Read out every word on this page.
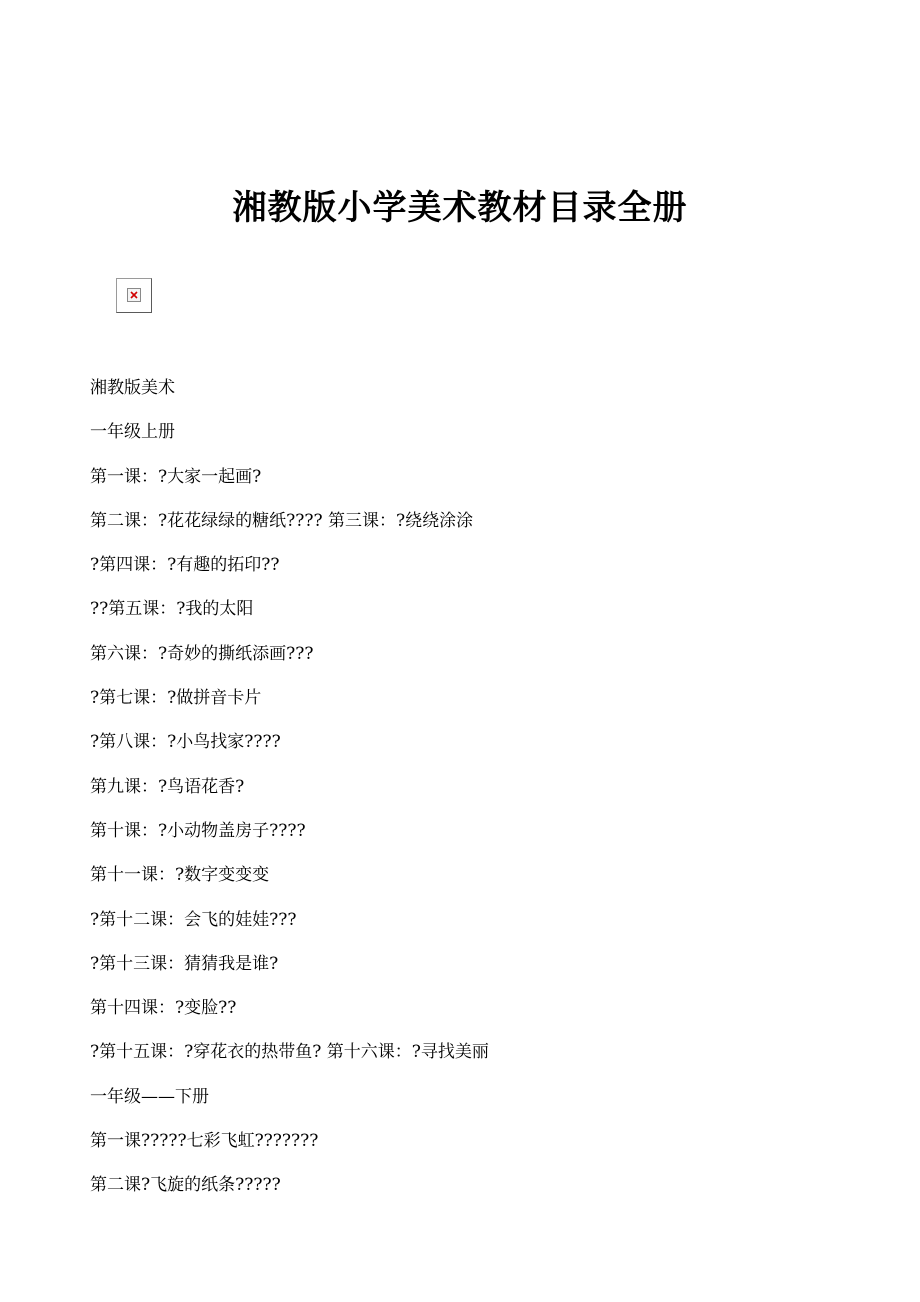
湘教版小学美术教材目录全册
湘教版美术
一年级上册
第一课：?大家一起画?
第二课：?花花绿绿的糖纸???? 第三课：?绕绕涂涂
?第四课：?有趣的拓印??
??第五课：?我的太阳
第六课：?奇妙的撕纸添画???
?第七课：?做拼音卡片
?第八课：?小鸟找家????
第九课：?鸟语花香?
第十课：?小动物盖房子????
第十一课：?数字变变变
?第十二课：会飞的娃娃???
?第十三课：猜猜我是谁?
第十四课：?变脸??
?第十五课：?穿花衣的热带鱼? 第十六课：?寻找美丽
一年级——下册
第一课?????七彩飞虹???????
第二课?飞旋的纸条?????
